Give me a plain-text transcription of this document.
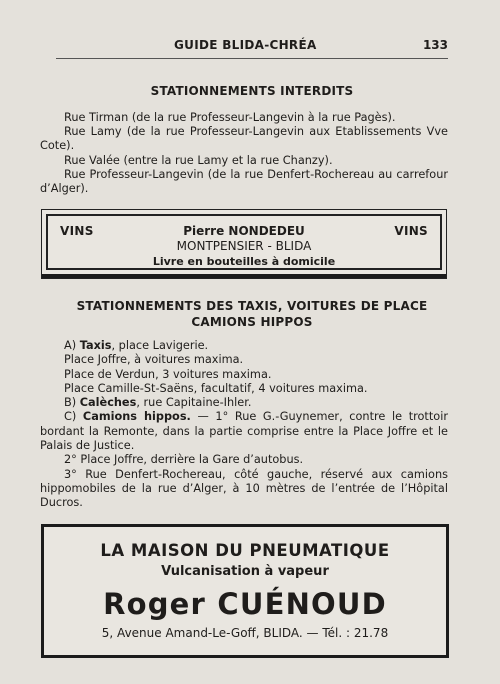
GUIDE BLIDA-CHRÉA	133
STATIONNEMENTS INTERDITS
Rue Tirman (de la rue Professeur-Langevin à la rue Pagès).
Rue Lamy (de la rue Professeur-Langevin aux Etablissements Vve Cote).
Rue Valée (entre la rue Lamy et la rue Chanzy).
Rue Professeur-Langevin (de la rue Denfert-Rochereau au carrefour d’Alger).
VINS	VINS
Pierre NONDEDEU
MONTPENSIER - BLIDA
Livre en bouteilles à domicile
STATIONNEMENTS DES TAXIS, VOITURES DE PLACE
CAMIONS HIPPOS
A) Taxis, place Lavigerie.
Place Joffre, à voitures maxima.
Place de Verdun, 3 voitures maxima.
Place Camille-St-Saëns, facultatif, 4 voitures maxima.
B) Calèches, rue Capitaine-Ihler.
C) Camions hippos. — 1° Rue G.-Guynemer, contre le trottoir bordant la Remonte, dans la partie comprise entre la Place Joffre et le Palais de Justice.
2° Place Joffre, derrière la Gare d’autobus.
3° Rue Denfert-Rochereau, côté gauche, réservé aux camions hippomobiles de la rue d’Alger, à 10 mètres de l’entrée de l’Hôpital Ducros.
LA MAISON DU PNEUMATIQUE
Vulcanisation à vapeur
Roger CUÉNOUD
5, Avenue Amand-Le-Goff, BLIDA. — Tél. : 21.78
